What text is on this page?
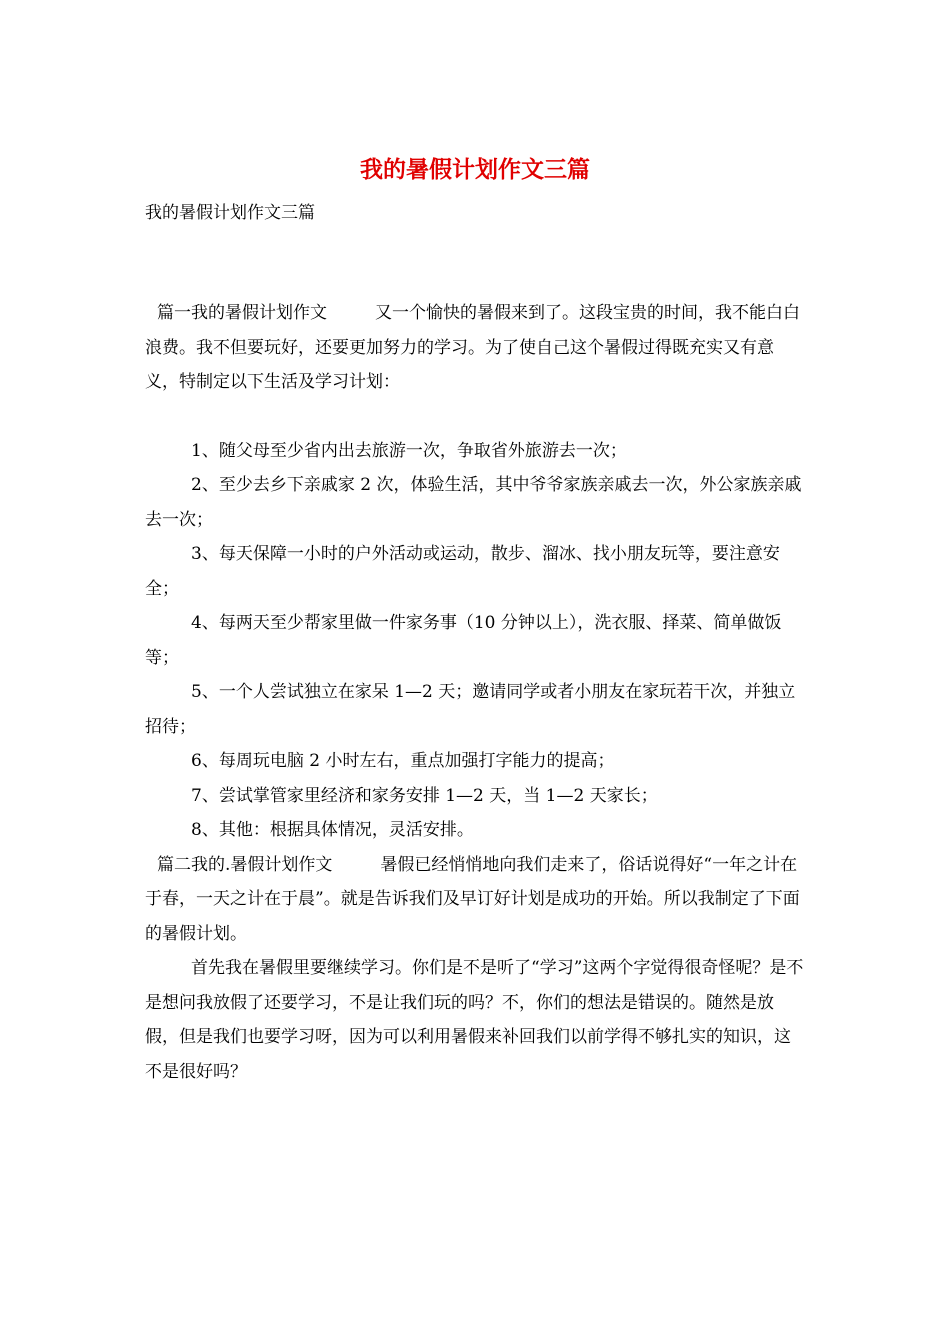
我的暑假计划作文三篇

我的暑假计划作文三篇

篇一我的暑假计划作文	又一个愉快的暑假来到了。这段宝贵的时间，我不能白白浪费。我不但要玩好，还要更加努力的学习。为了使自己这个暑假过得既充实又有意义，特制定以下生活及学习计划：

1、随父母至少省内出去旅游一次，争取省外旅游去一次；

2、至少去乡下亲戚家 2 次，体验生活，其中爷爷家族亲戚去一次，外公家族亲戚去一次；

3、每天保障一小时的户外活动或运动，散步、溜冰、找小朋友玩等，要注意安全；

4、每两天至少帮家里做一件家务事（10 分钟以上），洗衣服、择菜、简单做饭等；

5、一个人尝试独立在家呆 1—2 天；邀请同学或者小朋友在家玩若干次，并独立招待；

6、每周玩电脑 2 小时左右，重点加强打字能力的提高；

7、尝试掌管家里经济和家务安排 1—2 天，当 1—2 天家长；

8、其他：根据具体情况，灵活安排。

篇二我的.暑假计划作文	暑假已经悄悄地向我们走来了，俗话说得好“一年之计在于春，一天之计在于晨”。就是告诉我们及早订好计划是成功的开始。所以我制定了下面的暑假计划。

首先我在暑假里要继续学习。你们是不是听了“学习”这两个字觉得很奇怪呢？是不是想问我放假了还要学习，不是让我们玩的吗？不，你们的想法是错误的。随然是放假，但是我们也要学习呀，因为可以利用暑假来补回我们以前学得不够扎实的知识，这不是很好吗？
